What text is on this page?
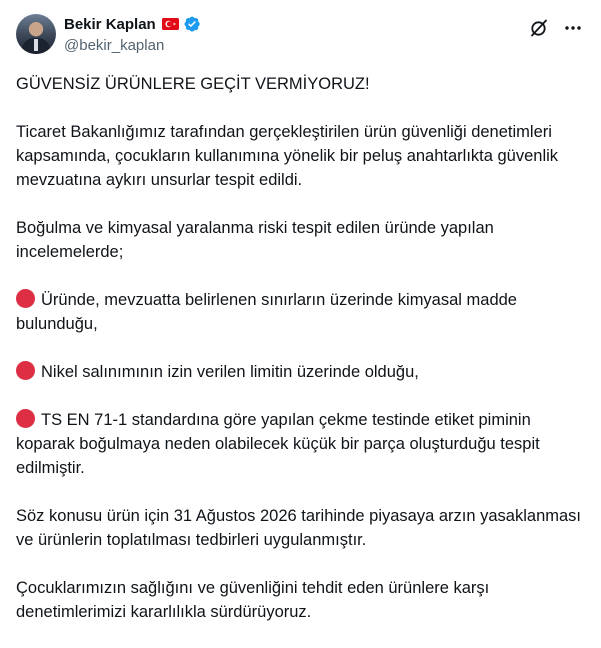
Bekir Kaplan
@bekir_kaplan

GÜVENSİZ ÜRÜNLERE GEÇİT VERMİYORUZ!

Ticaret Bakanlığımız tarafından gerçekleştirilen ürün güvenliği denetimleri kapsamında, çocukların kullanımına yönelik bir peluş anahtarlıkta güvenlik mevzuatına aykırı unsurlar tespit edildi.

Boğulma ve kimyasal yaralanma riski tespit edilen üründe yapılan incelemelerde;

Üründe, mevzuatta belirlenen sınırların üzerinde kimyasal madde bulunduğu,

Nikel salınımının izin verilen limitin üzerinde olduğu,

TS EN 71-1 standardına göre yapılan çekme testinde etiket piminin koparak boğulmaya neden olabilecek küçük bir parça oluşturduğu tespit edilmiştir.

Söz konusu ürün için 31 Ağustos 2026 tarihinde piyasaya arzın yasaklanması ve ürünlerin toplatılması tedbirleri uygulanmıştır.

Çocuklarımızın sağlığını ve güvenliğini tehdit eden ürünlere karşı denetimlerimizi kararlılıkla sürdürüyoruz.
